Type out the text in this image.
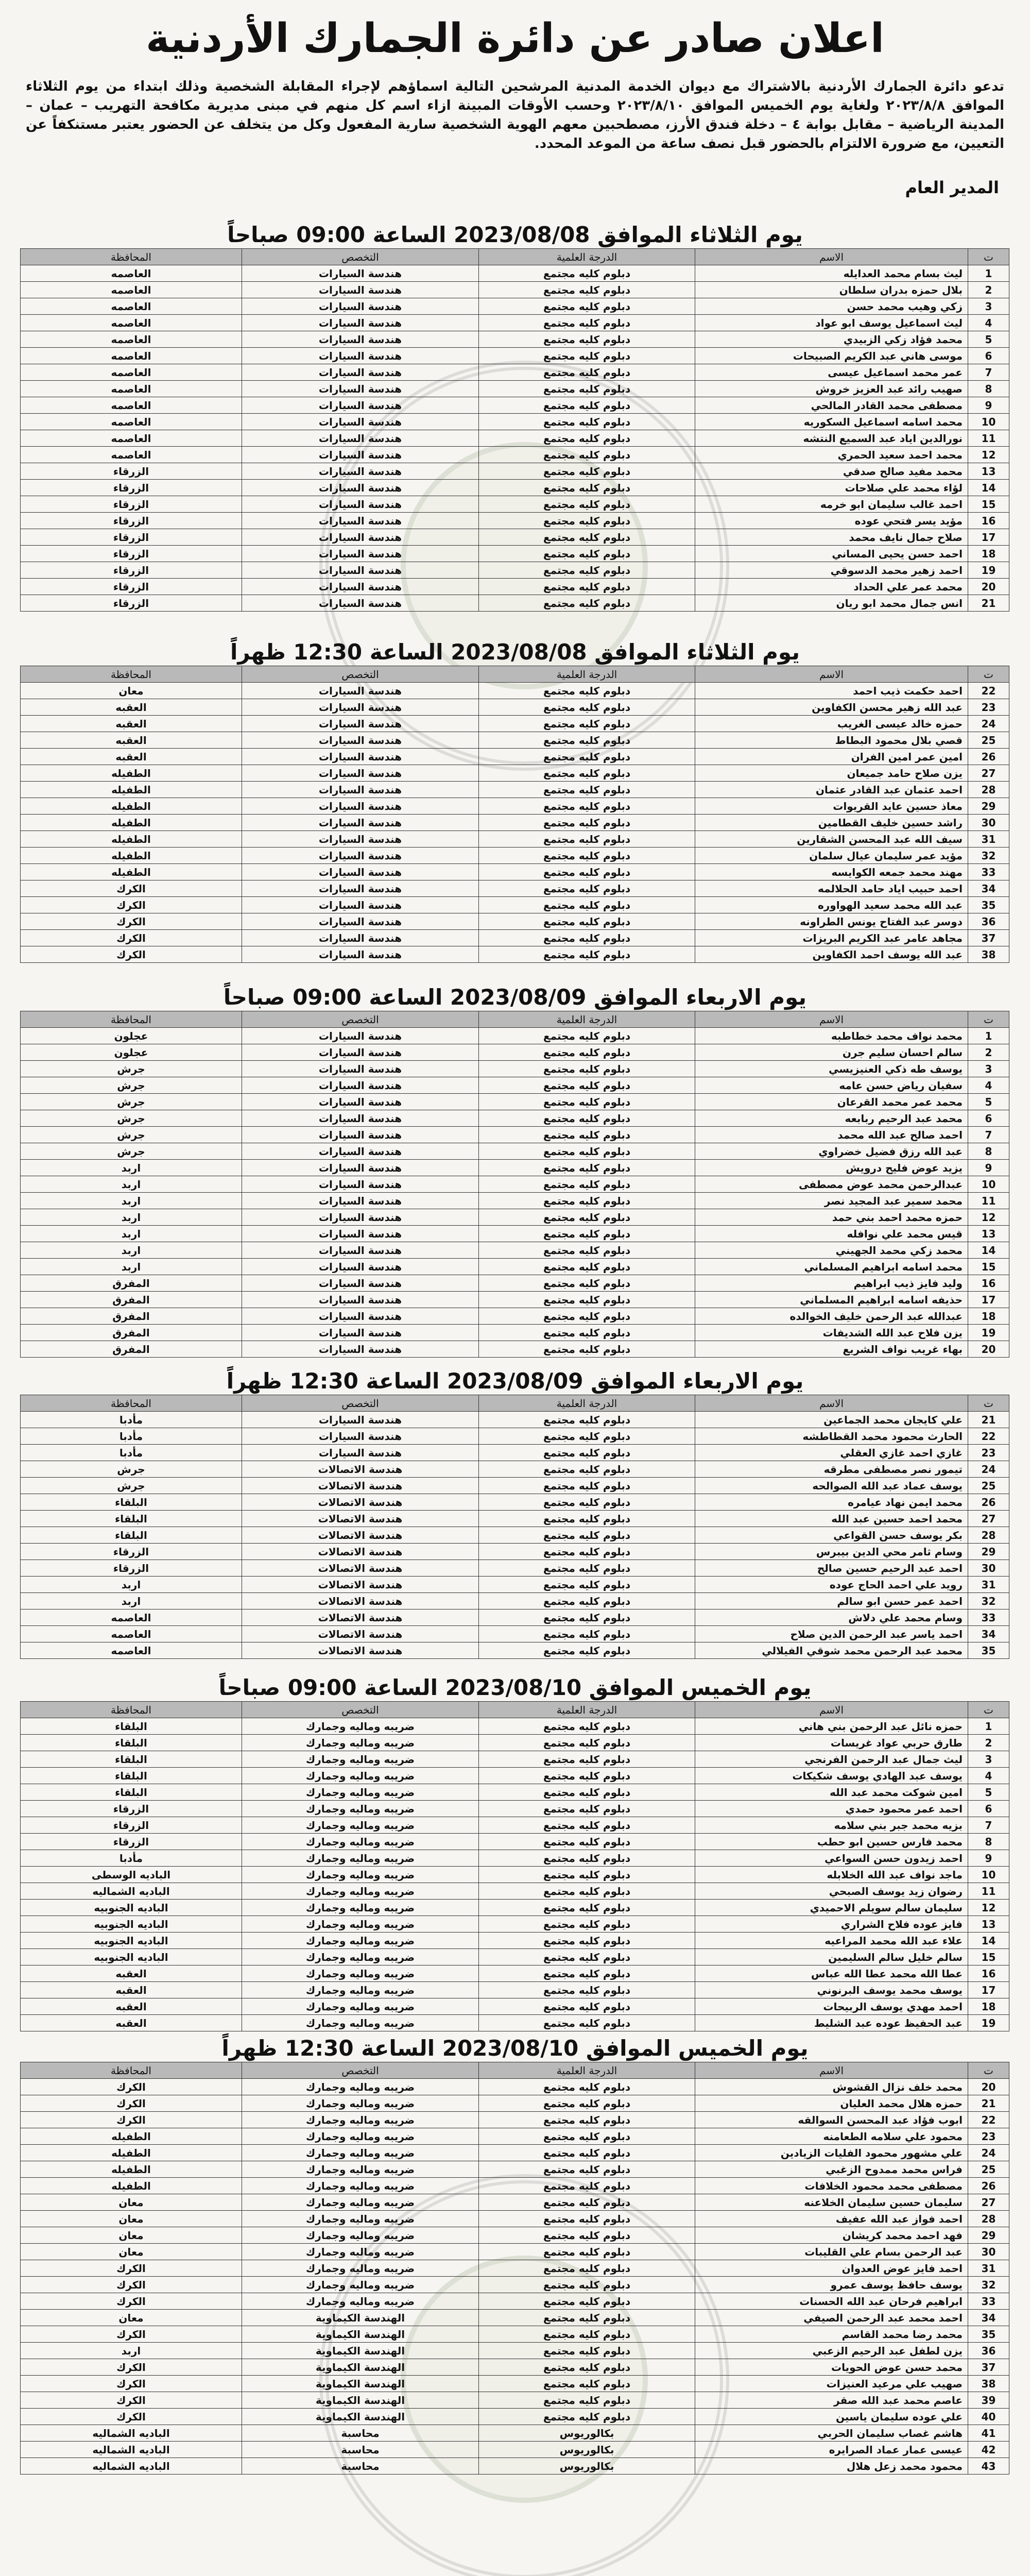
اعلان صادر عن دائرة الجمارك الأردنية

تدعو دائرة الجمارك الأردنية بالاشتراك مع ديوان الخدمة المدنية المرشحين التالية اسماؤهم لإجراء المقابلة الشخصية وذلك ابتداء من يوم الثلاثاء الموافق ٢٠٢٣/٨/٨ ولغاية يوم الخميس الموافق ٢٠٢٣/٨/١٠ وحسب الأوقات المبينة ازاء اسم كل منهم في مبنى مديرية مكافحة التهريب – عمان – المدينة الرياضية – مقابل بوابة ٤ – دخلة فندق الأرز، مصطحبين معهم الهوية الشخصية سارية المفعول وكل من يتخلف عن الحضور يعتبر مستنكفاً عن التعيين، مع ضرورة الالتزام بالحضور قبل نصف ساعة من الموعد المحدد.

المدير العام

يوم الثلاثاء الموافق 2023/08/08 الساعة 09:00 صباحاً
ت	الاسم	الدرجة العلمية	التخصص	المحافظة
1	ليث بسام محمد العدايله	دبلوم كليه مجتمع	هندسة السيارات	العاصمه
2	بلال حمزه بدران سلطان	دبلوم كليه مجتمع	هندسة السيارات	العاصمه
3	زكي وهيب محمد حسن	دبلوم كليه مجتمع	هندسة السيارات	العاصمه
4	ليث اسماعيل يوسف ابو عواد	دبلوم كليه مجتمع	هندسة السيارات	العاصمه
5	محمد فؤاد زكي الزبيدي	دبلوم كليه مجتمع	هندسة السيارات	العاصمه
6	موسى هاني عبد الكريم الصبيحات	دبلوم كليه مجتمع	هندسة السيارات	العاصمه
7	عمر محمد اسماعيل عيسى	دبلوم كليه مجتمع	هندسة السيارات	العاصمه
8	صهيب رائد عبد العزيز خروش	دبلوم كليه مجتمع	هندسة السيارات	العاصمه
9	مصطفى محمد القادر المالحي	دبلوم كليه مجتمع	هندسة السيارات	العاصمه
10	محمد اسامه اسماعيل السكوريه	دبلوم كليه مجتمع	هندسة السيارات	العاصمه
11	نورالدين اياد عبد السميع النتشه	دبلوم كليه مجتمع	هندسة السيارات	العاصمه
12	محمد احمد سعيد الحمري	دبلوم كليه مجتمع	هندسة السيارات	العاصمه
13	محمد مفيد صالح صدقي	دبلوم كليه مجتمع	هندسة السيارات	الزرقاء
14	لؤاء محمد علي صلاحات	دبلوم كليه مجتمع	هندسة السيارات	الزرقاء
15	احمد غالب سليمان ابو خرمه	دبلوم كليه مجتمع	هندسة السيارات	الزرقاء
16	مؤيد يسر فتحي عوده	دبلوم كليه مجتمع	هندسة السيارات	الزرقاء
17	صلاح جمال نايف محمد	دبلوم كليه مجتمع	هندسة السيارات	الزرقاء
18	احمد حسن يحيى المساني	دبلوم كليه مجتمع	هندسة السيارات	الزرقاء
19	احمد زهير محمد الدسوقي	دبلوم كليه مجتمع	هندسة السيارات	الزرقاء
20	محمد عمر علي الحداد	دبلوم كليه مجتمع	هندسة السيارات	الزرقاء
21	انس جمال محمد ابو ريان	دبلوم كليه مجتمع	هندسة السيارات	الزرقاء
يوم الثلاثاء الموافق 2023/08/08 الساعة 12:30 ظهراً
ت	الاسم	الدرجة العلمية	التخصص	المحافظة
22	احمد حكمت ذيب احمد	دبلوم كليه مجتمع	هندسة السيارات	معان
23	عبد الله زهير محسن الكفاوين	دبلوم كليه مجتمع	هندسة السيارات	العقبه
24	حمزه خالد عيسى الغريب	دبلوم كليه مجتمع	هندسة السيارات	العقبه
25	قصي بلال محمود البطاط	دبلوم كليه مجتمع	هندسة السيارات	العقبه
26	امين عمر امين الفران	دبلوم كليه مجتمع	هندسة السيارات	العقبه
27	يزن صلاح حامد جميعان	دبلوم كليه مجتمع	هندسة السيارات	الطفيله
28	احمد عثمان عبد القادر عثمان	دبلوم كليه مجتمع	هندسة السيارات	الطفيله
29	معاذ حسين عايد القريوات	دبلوم كليه مجتمع	هندسة السيارات	الطفيله
30	راشد حسين خليف القطامين	دبلوم كليه مجتمع	هندسة السيارات	الطفيله
31	سيف الله عبد المحسن الشقارين	دبلوم كليه مجتمع	هندسة السيارات	الطفيله
32	مؤيد عمر سليمان عيال سلمان	دبلوم كليه مجتمع	هندسة السيارات	الطفيله
33	مهند محمد جمعه الكوايسه	دبلوم كليه مجتمع	هندسة السيارات	الطفيله
34	احمد حبيب اياد حامد الحلالمه	دبلوم كليه مجتمع	هندسة السيارات	الكرك
35	عبد الله محمد سعيد الهواوره	دبلوم كليه مجتمع	هندسة السيارات	الكرك
36	دوسر عبد الفتاح يونس الطراونه	دبلوم كليه مجتمع	هندسة السيارات	الكرك
37	مجاهد عامر عبد الكريم البريزات	دبلوم كليه مجتمع	هندسة السيارات	الكرك
38	عبد الله يوسف احمد الكفاوين	دبلوم كليه مجتمع	هندسة السيارات	الكرك
يوم الاربعاء الموافق 2023/08/09 الساعة 09:00 صباحاً
ت	الاسم	الدرجة العلمية	التخصص	المحافظة
1	محمد نواف محمد خطاطبه	دبلوم كليه مجتمع	هندسة السيارات	عجلون
2	سالم احسان سليم جرن	دبلوم كليه مجتمع	هندسة السيارات	عجلون
3	يوسف طه ذكي العنيزيسي	دبلوم كليه مجتمع	هندسة السيارات	جرش
4	سفيان رياض حسن عامه	دبلوم كليه مجتمع	هندسة السيارات	جرش
5	محمد عمر محمد القرعان	دبلوم كليه مجتمع	هندسة السيارات	جرش
6	محمد عبد الرحيم ربابعه	دبلوم كليه مجتمع	هندسة السيارات	جرش
7	احمد صالح عبد الله محمد	دبلوم كليه مجتمع	هندسة السيارات	جرش
8	عبد الله رزق فضيل خضراوي	دبلوم كليه مجتمع	هندسة السيارات	جرش
9	يزيد عوض فليح درويش	دبلوم كليه مجتمع	هندسة السيارات	اربد
10	عبدالرحمن محمد عوض مصطفى	دبلوم كليه مجتمع	هندسة السيارات	اربد
11	محمد سمير عبد المجيد نصر	دبلوم كليه مجتمع	هندسة السيارات	اربد
12	حمزه محمد احمد بني حمد	دبلوم كليه مجتمع	هندسة السيارات	اربد
13	قيس محمد علي نوافله	دبلوم كليه مجتمع	هندسة السيارات	اربد
14	محمد زكي محمد الجهيني	دبلوم كليه مجتمع	هندسة السيارات	اربد
15	محمد اسامه ابراهيم المسلماني	دبلوم كليه مجتمع	هندسة السيارات	اربد
16	وليد فايز ذيب ابراهيم	دبلوم كليه مجتمع	هندسة السيارات	المفرق
17	حذيفه اسامه ابراهيم المسلماني	دبلوم كليه مجتمع	هندسة السيارات	المفرق
18	عبدالله عبد الرحمن خليف الخوالده	دبلوم كليه مجتمع	هندسة السيارات	المفرق
19	يزن فلاح عبد الله الشديفات	دبلوم كليه مجتمع	هندسة السيارات	المفرق
20	بهاء غريب نواف الشريع	دبلوم كليه مجتمع	هندسة السيارات	المفرق
يوم الاربعاء الموافق 2023/08/09 الساعة 12:30 ظهراً
ت	الاسم	الدرجة العلمية	التخصص	المحافظة
21	علي كايجان محمد الجماعين	دبلوم كليه مجتمع	هندسة السيارات	مأدبا
22	الحارث محمود محمد القطاطشه	دبلوم كليه مجتمع	هندسة السيارات	مأدبا
23	غازي احمد غازي العقلي	دبلوم كليه مجتمع	هندسة السيارات	مأدبا
24	تيمور نصر مصطفى مطرقه	دبلوم كليه مجتمع	هندسة الاتصالات	جرش
25	يوسف عماد عبد الله الصوالحه	دبلوم كليه مجتمع	هندسة الاتصالات	جرش
26	محمد ايمن نهاد عيامره	دبلوم كليه مجتمع	هندسة الاتصالات	البلقاء
27	محمد احمد حسين عبد الله	دبلوم كليه مجتمع	هندسة الاتصالات	البلقاء
28	بكر يوسف حسن القواعي	دبلوم كليه مجتمع	هندسة الاتصالات	البلقاء
29	وسام ثامر محي الدين بيبرس	دبلوم كليه مجتمع	هندسة الاتصالات	الزرقاء
30	احمد عبد الرحيم حسين صالح	دبلوم كليه مجتمع	هندسة الاتصالات	الزرقاء
31	رويد علي احمد الحاج عوده	دبلوم كليه مجتمع	هندسة الاتصالات	اربد
32	احمد عمر حسن ابو سالم	دبلوم كليه مجتمع	هندسة الاتصالات	اربد
33	وسام محمد علي دلاش	دبلوم كليه مجتمع	هندسة الاتصالات	العاصمه
34	احمد ياسر عبد الرحمن الدين صلاح	دبلوم كليه مجتمع	هندسة الاتصالات	العاصمه
35	محمد عبد الرحمن محمد شوقي الفيلالي	دبلوم كليه مجتمع	هندسة الاتصالات	العاصمه
يوم الخميس الموافق 2023/08/10 الساعة 09:00 صباحاً
ت	الاسم	الدرجة العلمية	التخصص	المحافظة
1	حمزه نائل عبد الرحمن بني هاني	دبلوم كليه مجتمع	ضريبه وماليه وجمارك	البلقاء
2	طارق حربي عواد غريسات	دبلوم كليه مجتمع	ضريبه وماليه وجمارك	البلقاء
3	ليث جمال عبد الرحمن الفرنجي	دبلوم كليه مجتمع	ضريبه وماليه وجمارك	البلقاء
4	يوسف عبد الهادي يوسف شكيكات	دبلوم كليه مجتمع	ضريبه وماليه وجمارك	البلقاء
5	امين شوكت محمد عبد الله	دبلوم كليه مجتمع	ضريبه وماليه وجمارك	البلقاء
6	احمد عمر محمود حمدي	دبلوم كليه مجتمع	ضريبه وماليه وجمارك	الزرقاء
7	بزيه محمد جبر بني سلامه	دبلوم كليه مجتمع	ضريبه وماليه وجمارك	الزرقاء
8	محمد فارس حسين ابو حطب	دبلوم كليه مجتمع	ضريبه وماليه وجمارك	الزرقاء
9	احمد زيدون حسن السواعي	دبلوم كليه مجتمع	ضريبه وماليه وجمارك	مأدبا
10	ماجد نواف عبد الله الخلابله	دبلوم كليه مجتمع	ضريبه وماليه وجمارك	الباديه الوسطى
11	رضوان زيد يوسف الصبحي	دبلوم كليه مجتمع	ضريبه وماليه وجمارك	الباديه الشماليه
12	سليمان سالم سويلم الاحميدي	دبلوم كليه مجتمع	ضريبه وماليه وجمارك	الباديه الجنوبيه
13	فايز عوده فلاح الشراري	دبلوم كليه مجتمع	ضريبه وماليه وجمارك	الباديه الجنوبيه
14	علاء عبد الله محمد المراعيه	دبلوم كليه مجتمع	ضريبه وماليه وجمارك	الباديه الجنوبيه
15	سالم خليل سالم السليمين	دبلوم كليه مجتمع	ضريبه وماليه وجمارك	الباديه الجنوبيه
16	عطا الله محمد عطا الله عباس	دبلوم كليه مجتمع	ضريبه وماليه وجمارك	العقبه
17	يوسف محمد يوسف البرنوني	دبلوم كليه مجتمع	ضريبه وماليه وجمارك	العقبه
18	احمد مهدي يوسف الربيحات	دبلوم كليه مجتمع	ضريبه وماليه وجمارك	العقبه
19	عبد الحفيظ عوده عبد الشليط	دبلوم كليه مجتمع	ضريبه وماليه وجمارك	العقبه
يوم الخميس الموافق 2023/08/10 الساعة 12:30 ظهراً
ت	الاسم	الدرجة العلمية	التخصص	المحافظة
20	محمد خلف نزال القشوش	دبلوم كليه مجتمع	ضريبه وماليه وجمارك	الكرك
21	حمزه هلال محمد العليان	دبلوم كليه مجتمع	ضريبه وماليه وجمارك	الكرك
22	ابوب فؤاد عبد المحسن السوالقه	دبلوم كليه مجتمع	ضريبه وماليه وجمارك	الكرك
23	محمود علي سلامه الطعامنه	دبلوم كليه مجتمع	ضريبه وماليه وجمارك	الطفيله
24	علي مشهور محمود الفليات الزيادين	دبلوم كليه مجتمع	ضريبه وماليه وجمارك	الطفيله
25	فراس محمد ممدوح الزغبي	دبلوم كليه مجتمع	ضريبه وماليه وجمارك	الطفيله
26	مصطفى محمد محمود الخلافات	دبلوم كليه مجتمع	ضريبه وماليه وجمارك	الطفيله
27	سليمان حسين سليمان الخلاعنه	دبلوم كليه مجتمع	ضريبه وماليه وجمارك	معان
28	احمد فواز عبد الله عفيف	دبلوم كليه مجتمع	ضريبه وماليه وجمارك	معان
29	فهد احمد محمد كريشان	دبلوم كليه مجتمع	ضريبه وماليه وجمارك	معان
30	عبد الرحمن بسام علي القليبات	دبلوم كليه مجتمع	ضريبه وماليه وجمارك	معان
31	احمد فايز عوض العدوان	دبلوم كليه مجتمع	ضريبه وماليه وجمارك	الكرك
32	يوسف حافظ يوسف عمرو	دبلوم كليه مجتمع	ضريبه وماليه وجمارك	الكرك
33	ابراهيم فرحان عبد الله الحسنات	دبلوم كليه مجتمع	ضريبه وماليه وجمارك	الكرك
34	احمد محمد عبد الرحمن الصيفي	دبلوم كليه مجتمع	الهندسة الكيماوية	معان
35	محمد رضا محمد القاسم	دبلوم كليه مجتمع	الهندسة الكيماوية	الكرك
36	يزن لطفل عبد الرحيم الزعبي	دبلوم كليه مجتمع	الهندسة الكيماوية	اربد
37	محمد حسن عوض الحويات	دبلوم كليه مجتمع	الهندسة الكيماوية	الكرك
38	صهيب علي مرعيد العنيزات	دبلوم كليه مجتمع	الهندسة الكيماوية	الكرك
39	عاصم محمد عبد الله صقر	دبلوم كليه مجتمع	الهندسة الكيماوية	الكرك
40	علي عوده سليمان ياسين	دبلوم كليه مجتمع	الهندسة الكيماوية	الكرك
41	هاشم غصاب سليمان الحربي	بكالوريوس	محاسبة	الباديه الشماليه
42	عيسى عمار عماد الصرايره	بكالوريوس	محاسبة	الباديه الشماليه
43	محمود محمد زعل هلال	بكالوريوس	محاسبة	الباديه الشماليه
